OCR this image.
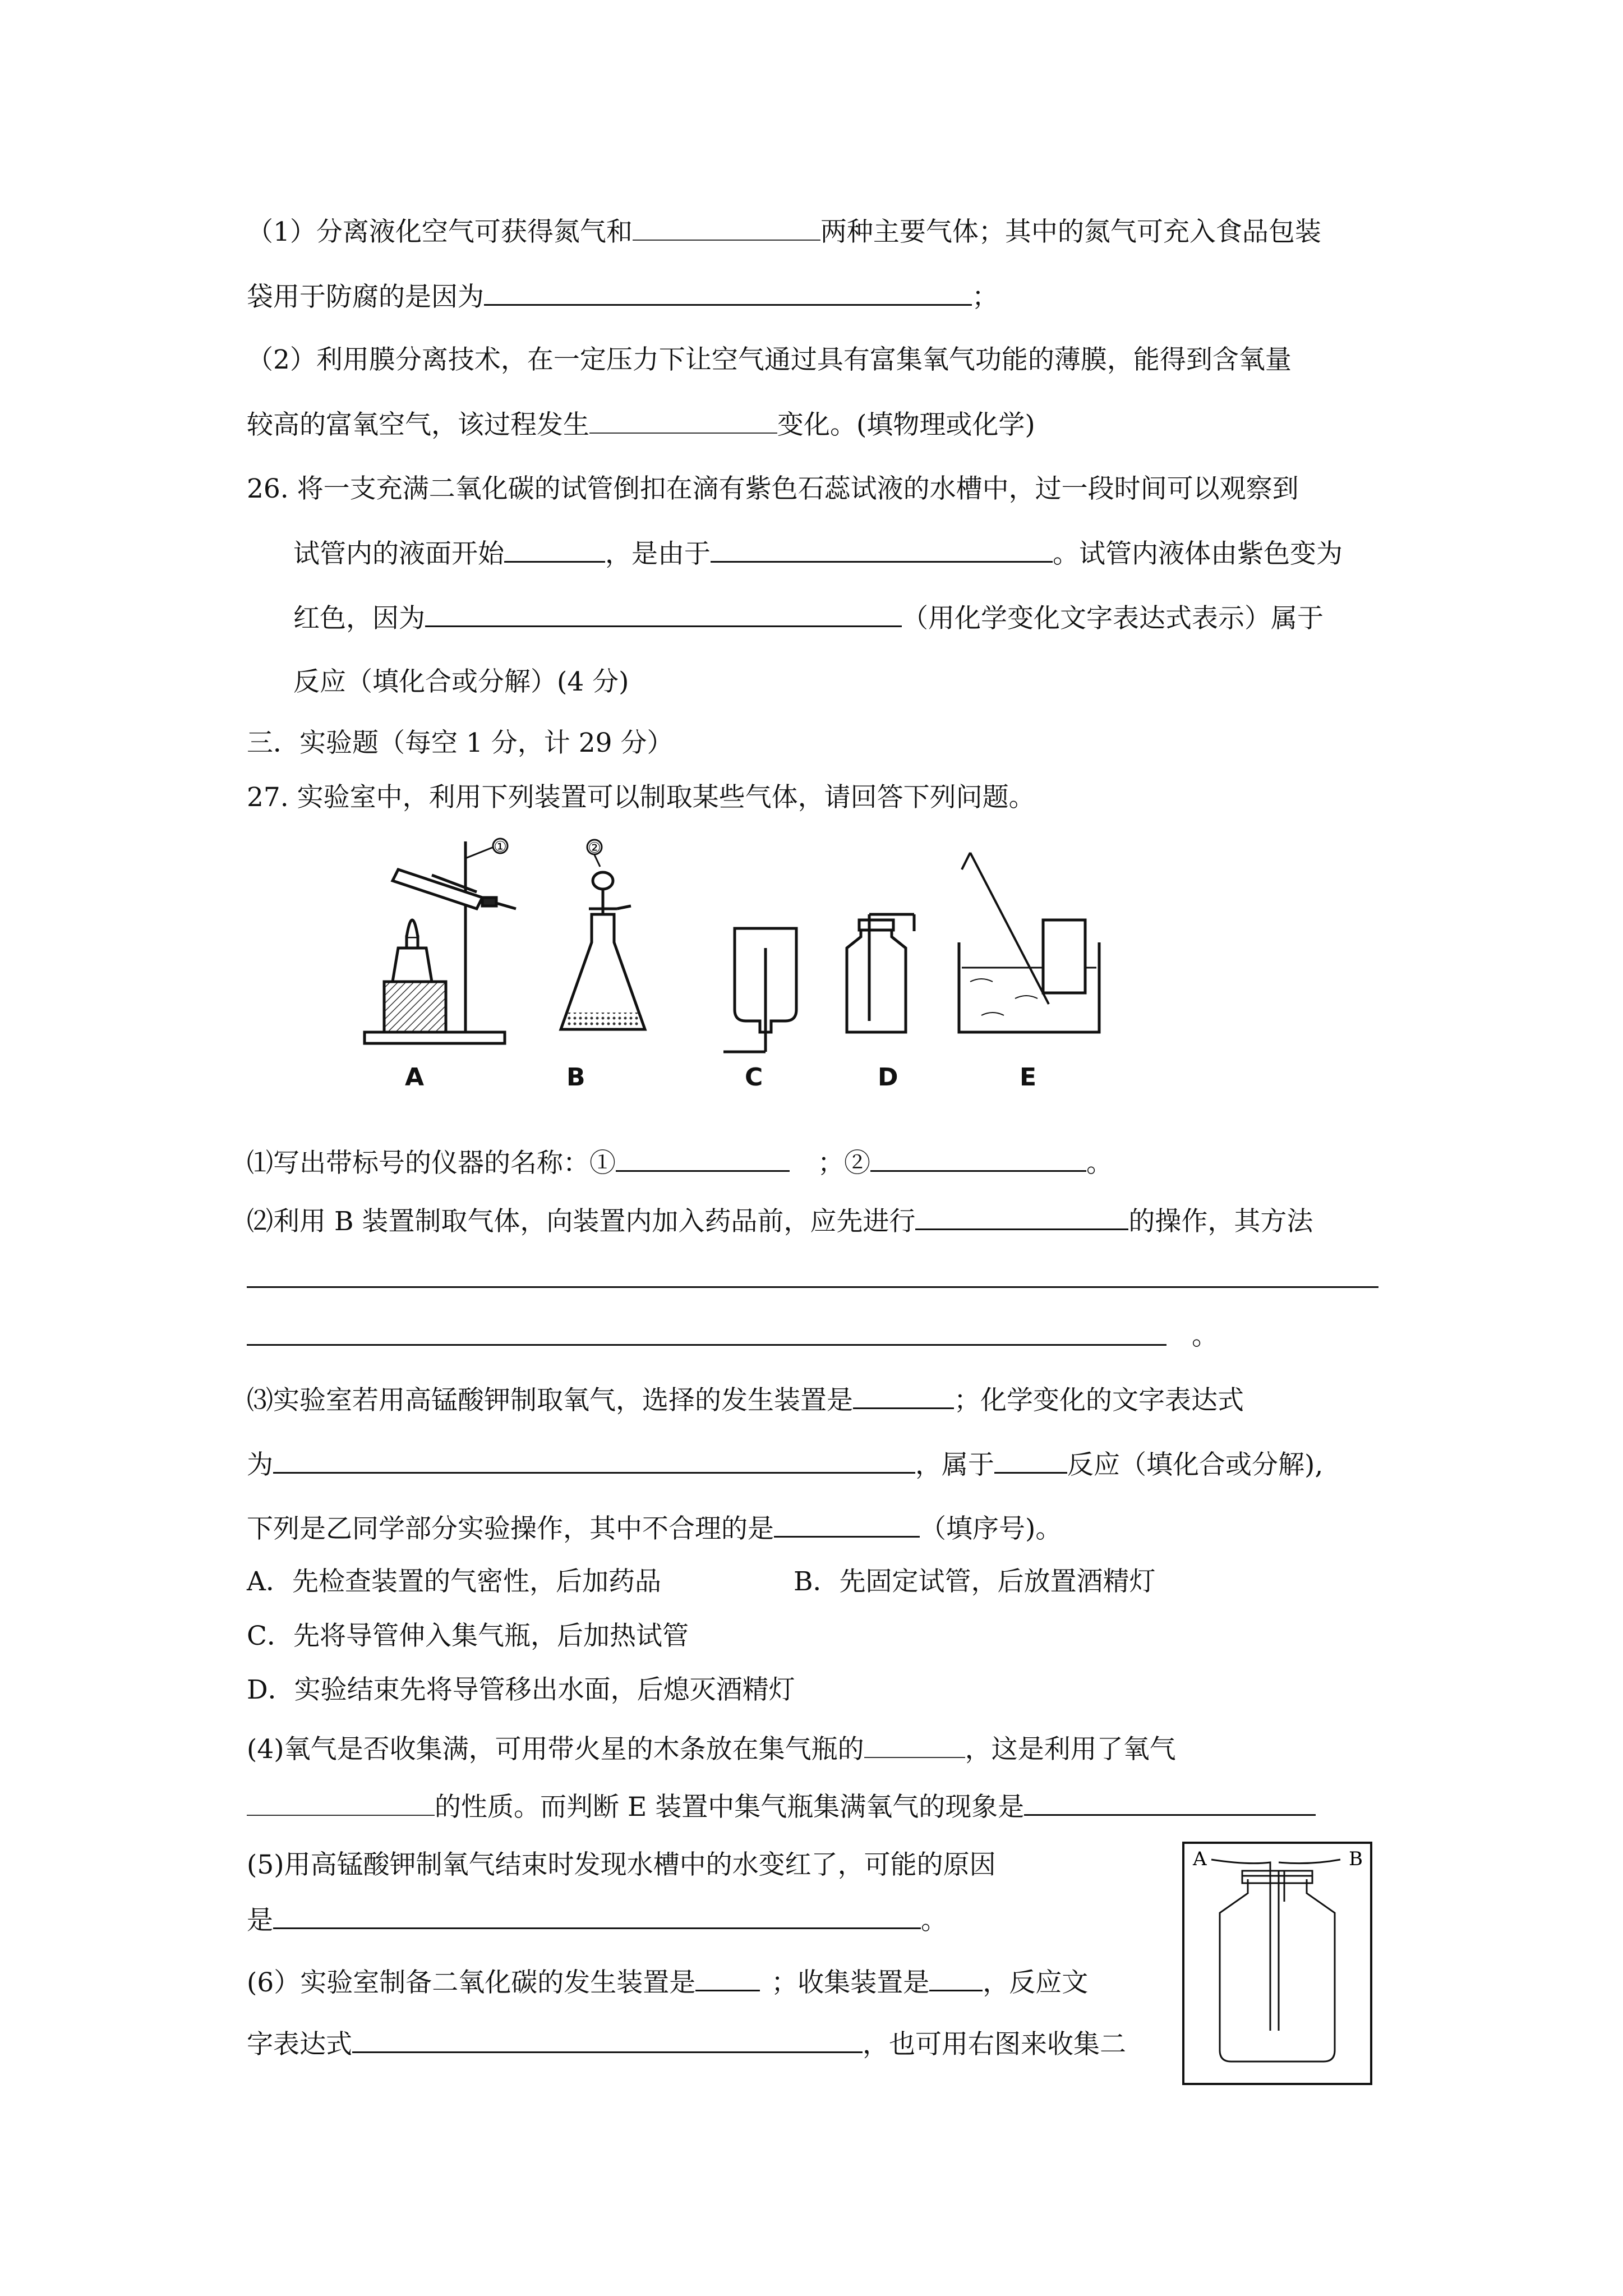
（1）分离液化空气可获得氮气和	两种主要气体；其中的氮气可充入食品包装
袋用于防腐的是因为	；
（2）利用膜分离技术，在一定压力下让空气通过具有富集氧气功能的薄膜，能得到含氧量
较高的富氧空气，该过程发生	变化。(填物理或化学)
26. 将一支充满二氧化碳的试管倒扣在滴有紫色石蕊试液的水槽中，过一段时间可以观察到
试管内的液面开始	，是由于	。试管内液体由紫色变为
红色，因为	（用化学变化文字表达式表示）属于
反应（填化合或分解）(4 分)
三．实验题（每空 1 分，计 29 分）
27. 实验室中，利用下列装置可以制取某些气体，请回答下列问题。
①	②
A	B	C	D	E
⑴写出带标号的仪器的名称：①	；②	。
⑵利用 B 装置制取气体，向装置内加入药品前，应先进行	的操作，其方法
。
⑶实验室若用高锰酸钾制取氧气，选择的发生装置是	；化学变化的文字表达式
为	，属于	反应（填化合或分解),
下列是乙同学部分实验操作，其中不合理的是	（填序号)。
A．先检查装置的气密性，后加药品	B．先固定试管，后放置酒精灯
C．先将导管伸入集气瓶，后加热试管
D．实验结束先将导管移出水面，后熄灭酒精灯
(4)氧气是否收集满，可用带火星的木条放在集气瓶的	，这是利用了氧气
的性质。而判断 E 装置中集气瓶集满氧气的现象是
(5)用高锰酸钾制氧气结束时发现水槽中的水变红了，可能的原因
是	。
(6）实验室制备二氧化碳的发生装置是	；收集装置是 ，反应文
字表达式	，也可用右图来收集二
A	B
